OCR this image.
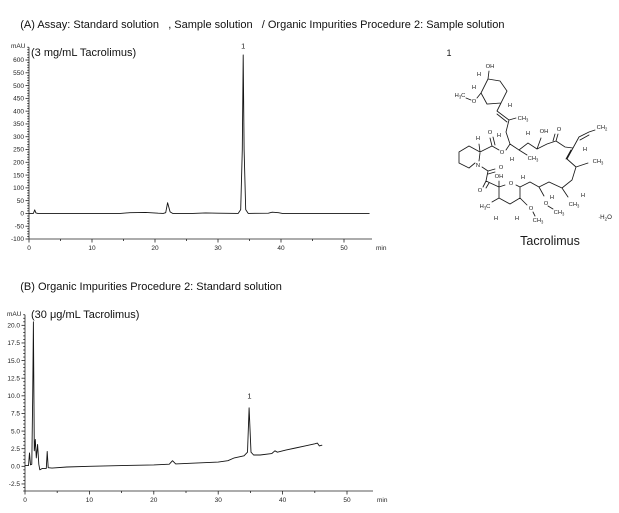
(A) Assay: Standard solution   , Sample solution   / Organic Impurities Procedure 2: Sample solution

(3 mg/mL Tacrolimus)

-100
-50
0
50
100
150
200
250
300
350
400
450
500
550
600
0	10	20	30	40	50
mAU
min
1
1
OH
H
H
$H_3C$
O
H
$CH_3$
H	H OH O	$CH_2$
H
$CH_3$
H
O
O
N	O
H $CH_3$
O
OH
O
H
$H_3C$
H	H
O
$CH_3$
H
O
$CH_3$
$CH_3$
H
$\cdot H_2O$
Tacrolimus

(B) Organic Impurities Procedure 2: Standard solution

(30 μg/mL Tacrolimus)

-2.5
0.0
2.5
5.0
7.5
10.0
12.5
15.0
17.5
20.0
0	10	20	30	40	50
mAU
min
1
